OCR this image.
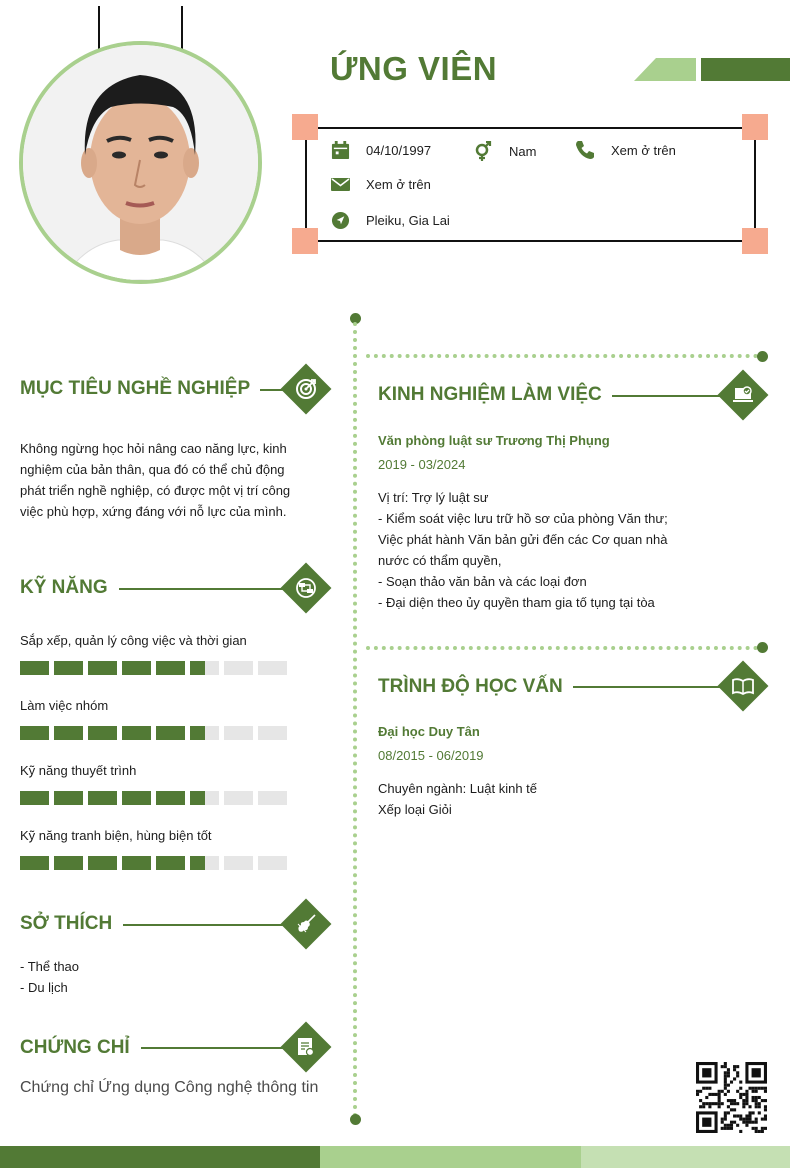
ỨNG VIÊN
04/10/1997	Nam	Xem ở trên
Xem ở trên
Pleiku, Gia Lai
MỤC TIÊU NGHỀ NGHIỆP
Không ngừng học hỏi nâng cao năng lực, kinh
nghiệm của bản thân, qua đó có thể chủ động
phát triển nghề nghiệp, có được một vị trí công
việc phù hợp, xứng đáng với nỗ lực của mình.
KỸ NĂNG
Sắp xếp, quản lý công việc và thời gian
Làm việc nhóm
Kỹ năng thuyết trình
Kỹ năng tranh biện, hùng biện tốt
SỞ THÍCH
- Thể thao
- Du lịch
CHỨNG CHỈ
Chứng chỉ Ứng dụng Công nghệ thông tin
KINH NGHIỆM LÀM VIỆC
Văn phòng luật sư Trương Thị Phụng
2019 - 03/2024
Vị trí: Trợ lý luật sư
- Kiểm soát việc lưu trữ hồ sơ của phòng Văn thư;
Việc phát hành Văn bản gửi đến các Cơ quan nhà
nước có thẩm quyền,
- Soạn thảo văn bản và các loại đơn
- Đại diện theo ủy quyền tham gia tố tụng tại tòa
TRÌNH ĐỘ HỌC VẤN
Đại học Duy Tân
08/2015 - 06/2019
Chuyên ngành: Luật kinh tế
Xếp loại Giỏi
